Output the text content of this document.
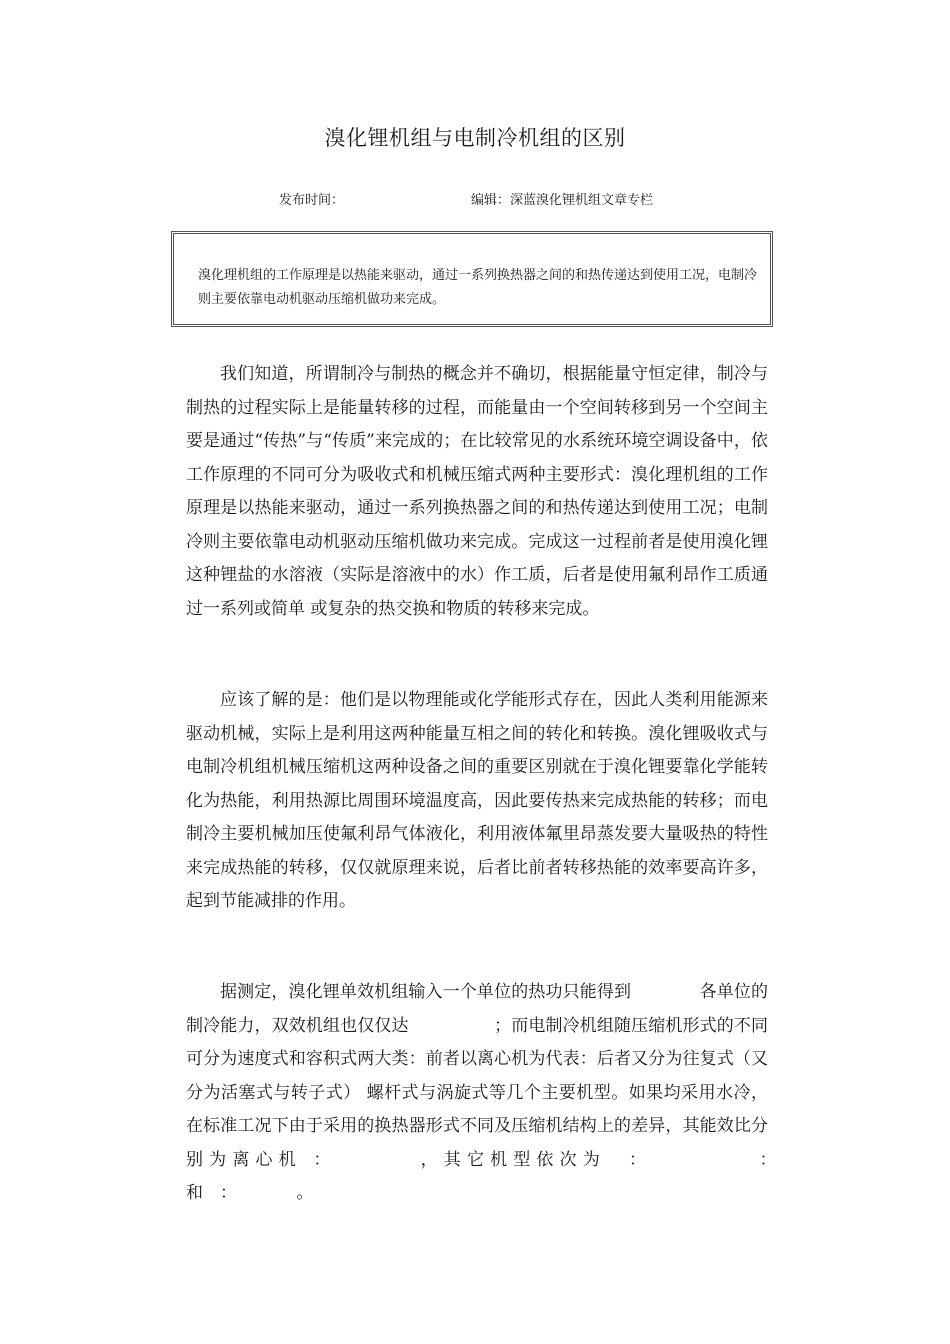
溴化锂机组与电制冷机组的区别
发布时间：	编辑：深蓝溴化锂机组文章专栏
溴化理机组的工作原理是以热能来驱动，通过一系列换热器之间的和热传递达到使用工况，电制冷则主要依靠电动机驱动压缩机做功来完成。

我们知道，所谓制冷与制热的概念并不确切，根据能量守恒定律，制冷与制热的过程实际上是能量转移的过程，而能量由一个空间转移到另一个空间主要是通过“传热”与“传质”来完成的；在比较常见的水系统环境空调设备中，依工作原理的不同可分为吸收式和机械压缩式两种主要形式：溴化理机组的工作原理是以热能来驱动，通过一系列换热器之间的和热传递达到使用工况；电制冷则主要依靠电动机驱动压缩机做功来完成。完成这一过程前者是使用溴化锂这种锂盐的水溶液（实际是溶液中的水）作工质，后者是使用氟利昂作工质通过一系列或简单 或复杂的热交换和物质的转移来完成。

应该了解的是：他们是以物理能或化学能形式存在，因此人类利用能源来驱动机械，实际上是利用这两种能量互相之间的转化和转换。溴化锂吸收式与电制冷机组机械压缩机这两种设备之间的重要区别就在于溴化锂要靠化学能转化为热能，利用热源比周围环境温度高，因此要传热来完成热能的转移；而电制冷主要机械加压使氟利昂气体液化，利用液体氟里昂蒸发要大量吸热的特性来完成热能的转移，仅仅就原理来说，后者比前者转移热能的效率要高许多，起到节能减排的作用。

据测定，溴化锂单效机组输入一个单位的热功只能得到　　　　各单位的制冷能力，双效机组也仅仅达　　　　　；而电制冷机组随压缩机形式的不同可分为速度式和容积式两大类：前者以离心机为代表：后者又分为往复式（又分为活塞式与转子式） 螺杆式与涡旋式等几个主要机型。如果均采用水冷，在标准工况下由于采用的换热器形式不同及压缩机结构上的差异，其能效比分别为离心机 ：　　　　，其它机型依次为　：　　　　　：　　　　和　：　　　　。
